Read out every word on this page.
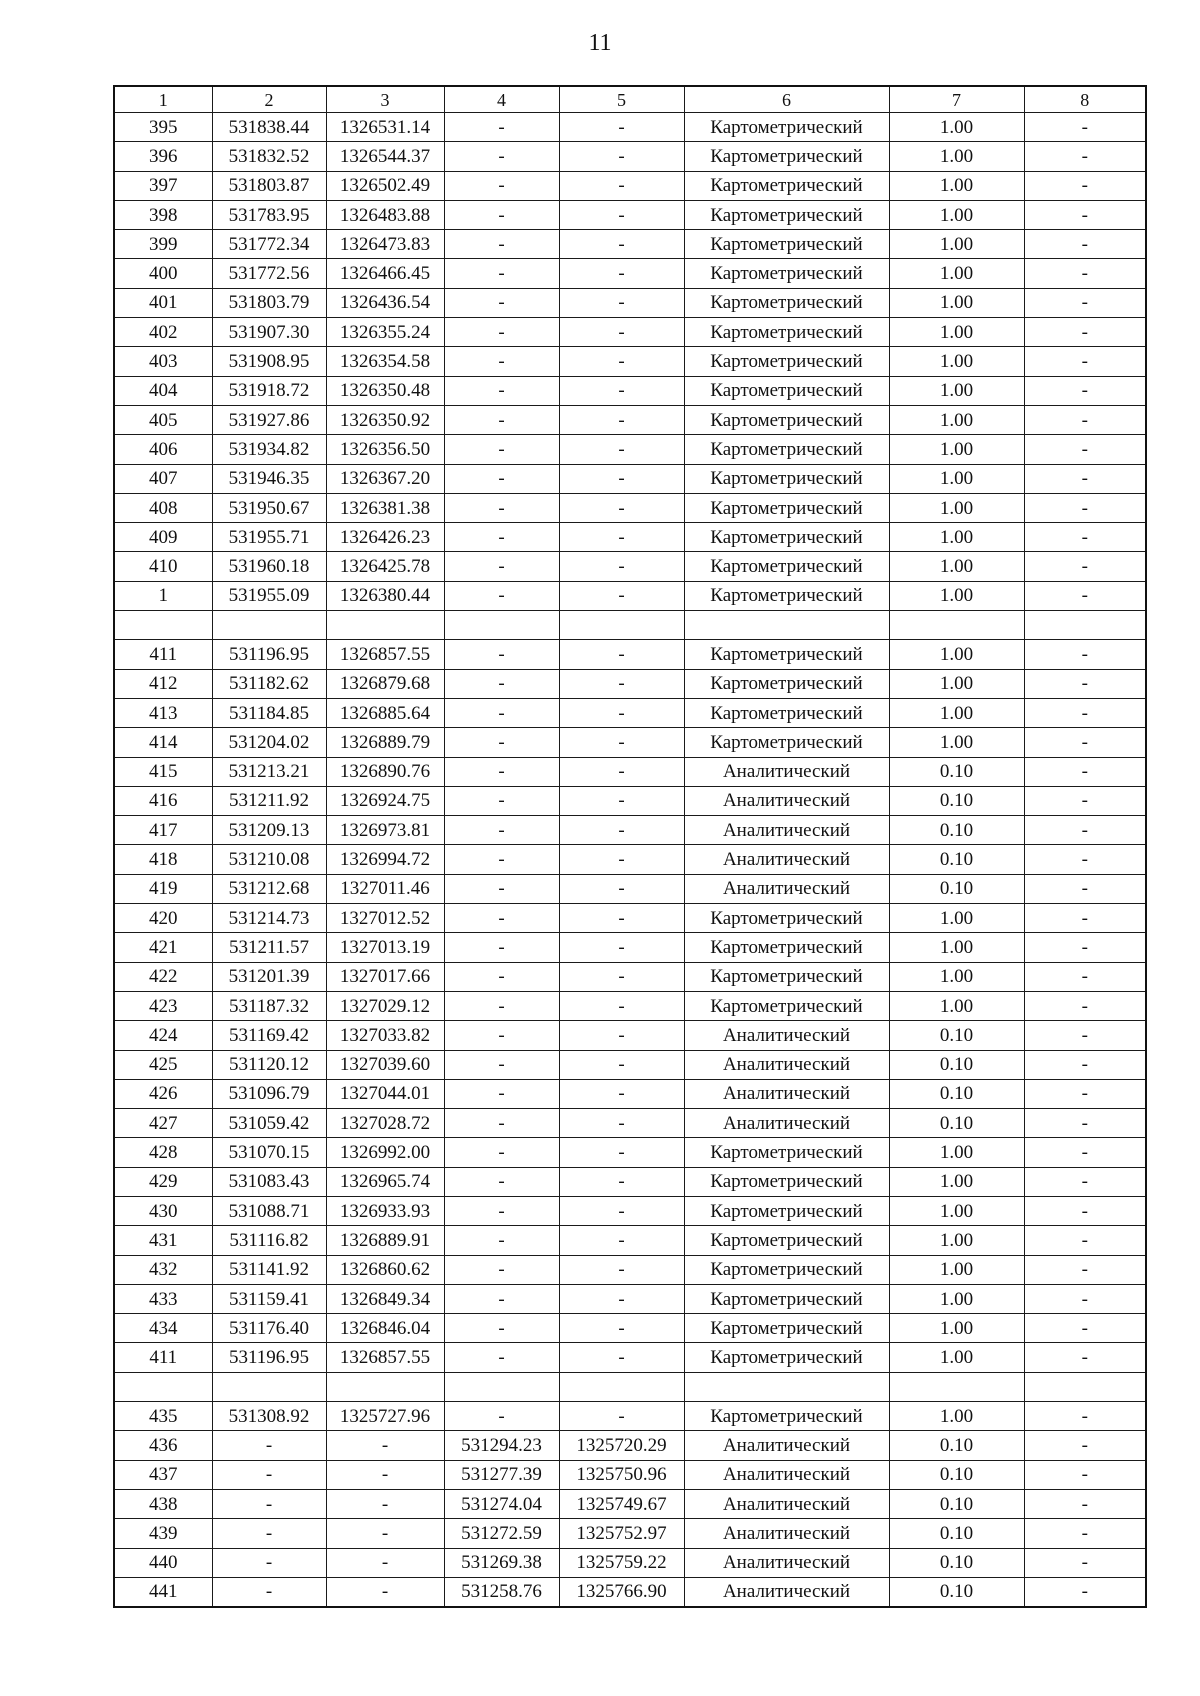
11
1	2	3	4	5	6	7	8
395	531838.44	1326531.14	-	-	Картометрический	1.00	-
396	531832.52	1326544.37	-	-	Картометрический	1.00	-
397	531803.87	1326502.49	-	-	Картометрический	1.00	-
398	531783.95	1326483.88	-	-	Картометрический	1.00	-
399	531772.34	1326473.83	-	-	Картометрический	1.00	-
400	531772.56	1326466.45	-	-	Картометрический	1.00	-
401	531803.79	1326436.54	-	-	Картометрический	1.00	-
402	531907.30	1326355.24	-	-	Картометрический	1.00	-
403	531908.95	1326354.58	-	-	Картометрический	1.00	-
404	531918.72	1326350.48	-	-	Картометрический	1.00	-
405	531927.86	1326350.92	-	-	Картометрический	1.00	-
406	531934.82	1326356.50	-	-	Картометрический	1.00	-
407	531946.35	1326367.20	-	-	Картометрический	1.00	-
408	531950.67	1326381.38	-	-	Картометрический	1.00	-
409	531955.71	1326426.23	-	-	Картометрический	1.00	-
410	531960.18	1326425.78	-	-	Картометрический	1.00	-
1	531955.09	1326380.44	-	-	Картометрический	1.00	-

411	531196.95	1326857.55	-	-	Картометрический	1.00	-
412	531182.62	1326879.68	-	-	Картометрический	1.00	-
413	531184.85	1326885.64	-	-	Картометрический	1.00	-
414	531204.02	1326889.79	-	-	Картометрический	1.00	-
415	531213.21	1326890.76	-	-	Аналитический	0.10	-
416	531211.92	1326924.75	-	-	Аналитический	0.10	-
417	531209.13	1326973.81	-	-	Аналитический	0.10	-
418	531210.08	1326994.72	-	-	Аналитический	0.10	-
419	531212.68	1327011.46	-	-	Аналитический	0.10	-
420	531214.73	1327012.52	-	-	Картометрический	1.00	-
421	531211.57	1327013.19	-	-	Картометрический	1.00	-
422	531201.39	1327017.66	-	-	Картометрический	1.00	-
423	531187.32	1327029.12	-	-	Картометрический	1.00	-
424	531169.42	1327033.82	-	-	Аналитический	0.10	-
425	531120.12	1327039.60	-	-	Аналитический	0.10	-
426	531096.79	1327044.01	-	-	Аналитический	0.10	-
427	531059.42	1327028.72	-	-	Аналитический	0.10	-
428	531070.15	1326992.00	-	-	Картометрический	1.00	-
429	531083.43	1326965.74	-	-	Картометрический	1.00	-
430	531088.71	1326933.93	-	-	Картометрический	1.00	-
431	531116.82	1326889.91	-	-	Картометрический	1.00	-
432	531141.92	1326860.62	-	-	Картометрический	1.00	-
433	531159.41	1326849.34	-	-	Картометрический	1.00	-
434	531176.40	1326846.04	-	-	Картометрический	1.00	-
411	531196.95	1326857.55	-	-	Картометрический	1.00	-

435	531308.92	1325727.96	-	-	Картометрический	1.00	-
436	-	-	531294.23	1325720.29	Аналитический	0.10	-
437	-	-	531277.39	1325750.96	Аналитический	0.10	-
438	-	-	531274.04	1325749.67	Аналитический	0.10	-
439	-	-	531272.59	1325752.97	Аналитический	0.10	-
440	-	-	531269.38	1325759.22	Аналитический	0.10	-
441	-	-	531258.76	1325766.90	Аналитический	0.10	-
